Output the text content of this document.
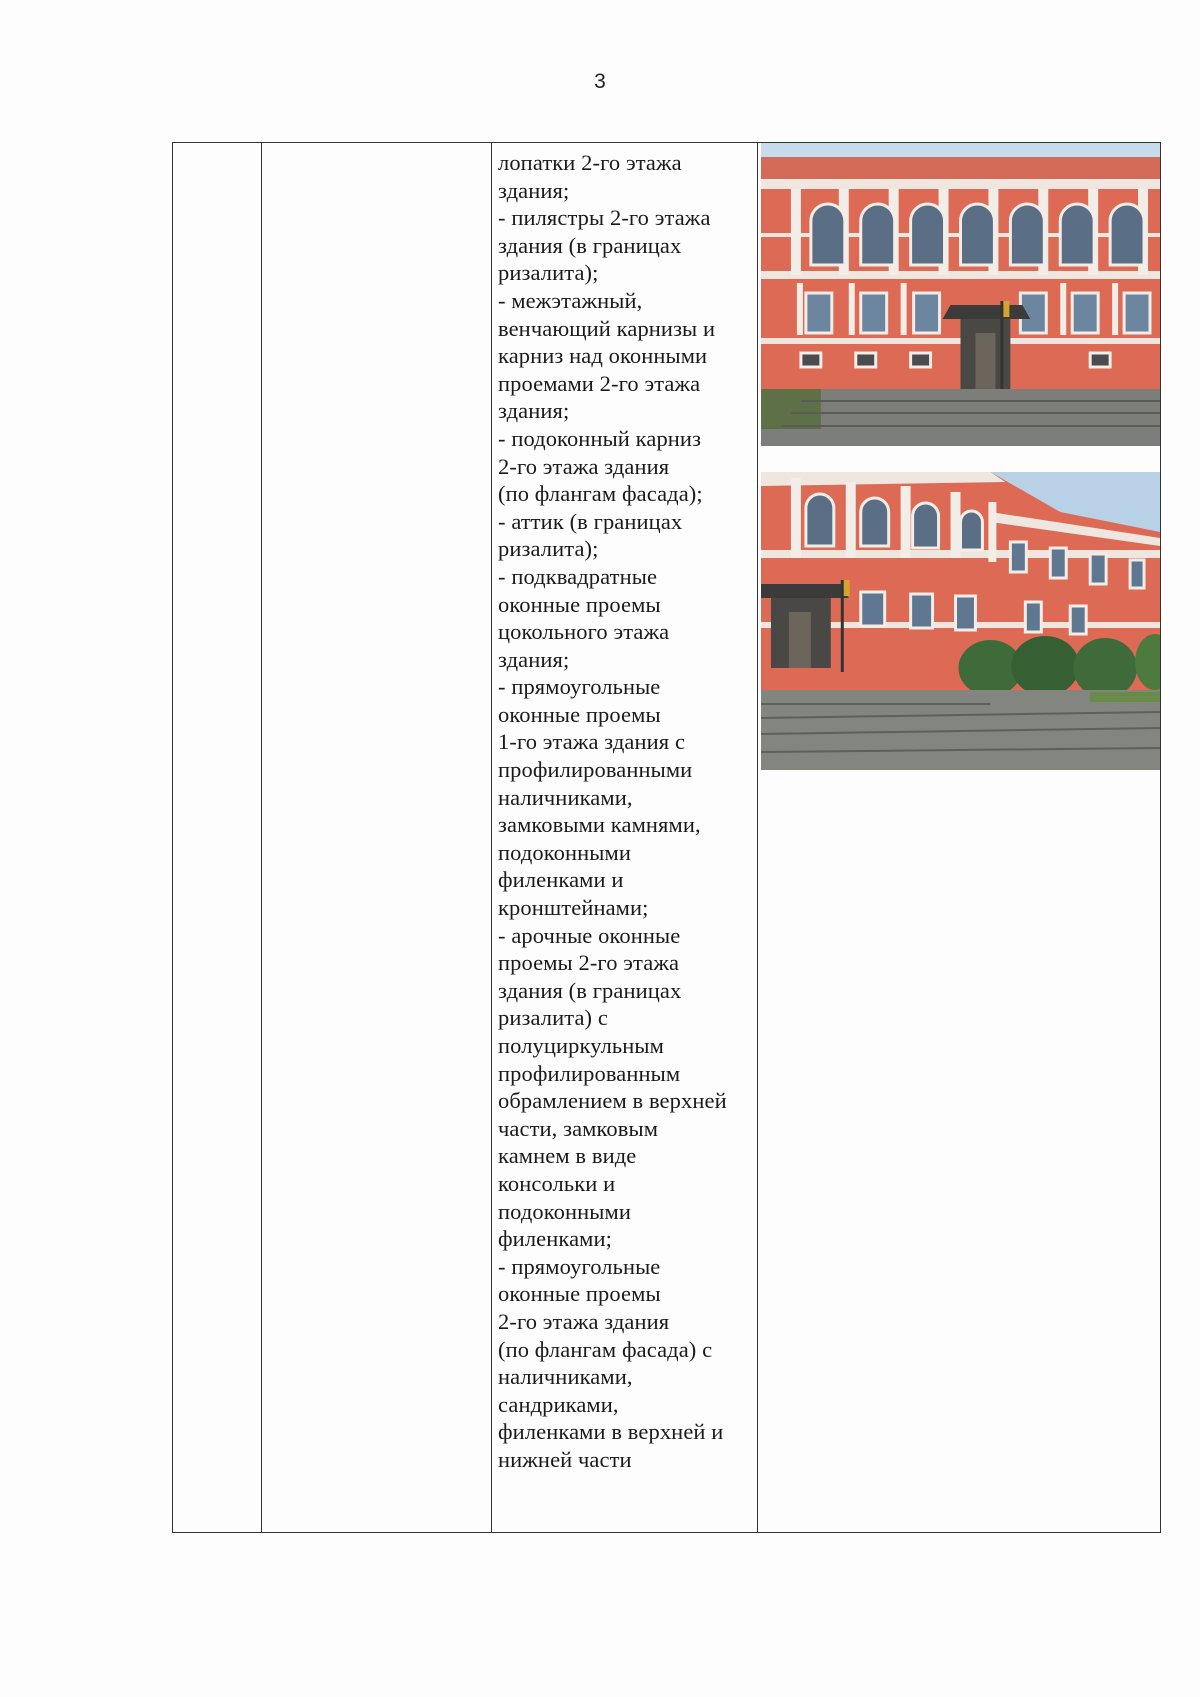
3
лопатки 2-го этажа
здания;
- пилястры 2-го этажа
здания (в границах
ризалита);
- межэтажный,
венчающий карнизы и
карниз над оконными
проемами 2-го этажа
здания;
- подоконный карниз
2-го этажа здания
(по флангам фасада);
- аттик (в границах
ризалита);
- подквадратные
оконные проемы
цокольного этажа
здания;
- прямоугольные
оконные проемы
1-го этажа здания с
профилированными
наличниками,
замковыми камнями,
подоконными
филенками и
кронштейнами;
- арочные оконные
проемы 2-го этажа
здания (в границах
ризалита) с
полуциркульным
профилированным
обрамлением в верхней
части, замковым
камнем в виде
консольки и
подоконными
филенками;
- прямоугольные
оконные проемы
2-го этажа здания
(по флангам фасада) с
наличниками,
сандриками,
филенками в верхней и
нижней части
